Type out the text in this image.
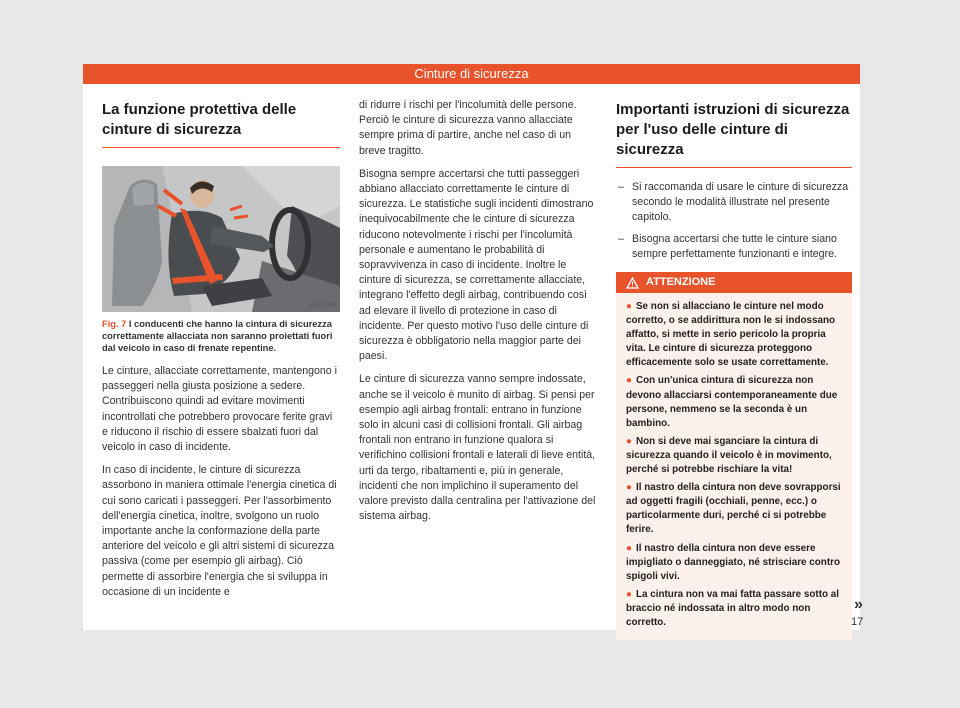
Cinture di sicurezza
La funzione protettiva delle cinture di sicurezza
B5F-0964

Fig. 7 I conducenti che hanno la cintura di sicurezza correttamente allacciata non saranno proiettati fuori dal veicolo in caso di frenate repentine.

Le cinture, allacciate correttamente, mantengono i passeggeri nella giusta posizione a sedere. Contribuiscono quindi ad evitare movimenti incontrollati che potrebbero provocare ferite gravi e riducono il rischio di essere sbalzati fuori dal veicolo in caso di incidente.

In caso di incidente, le cinture di sicurezza assorbono in maniera ottimale l'energia cinetica di cui sono caricati i passeggeri. Per l'assorbimento dell'energia cinetica, inoltre, svolgono un ruolo importante anche la conformazione della parte anteriore del veicolo e gli altri sistemi di sicurezza passiva (come per esempio gli airbag). Ciò permette di assorbire l'energia che si sviluppa in occasione di un incidente e

di ridurre i rischi per l'incolumità delle persone. Perciò le cinture di sicurezza vanno allacciate sempre prima di partire, anche nel caso di un breve tragitto.

Bisogna sempre accertarsi che tutti passeggeri abbiano allacciato correttamente le cinture di sicurezza. Le statistiche sugli incidenti dimostrano inequivocabilmente che le cinture di sicurezza riducono notevolmente i rischi per l'incolumità personale e aumentano le probabilità di sopravvivenza in caso di incidente. Inoltre le cinture di sicurezza, se correttamente allacciate, integrano l'effetto degli airbag, contribuendo così ad elevare il livello di protezione in caso di incidente. Per questo motivo l'uso delle cinture di sicurezza è obbligatorio nella maggior parte dei paesi.

Le cinture di sicurezza vanno sempre indossate, anche se il veicolo è munito di airbag. Si pensi per esempio agli airbag frontali: entrano in funzione solo in alcuni casi di collisioni frontali. Gli airbag frontali non entrano in funzione qualora si verifichino collisioni frontali e laterali di lieve entità, urti da tergo, ribaltamenti e, più in generale, incidenti che non implichino il superamento del valore previsto dalla centralina per l'attivazione del sistema airbag.

Importanti istruzioni di sicurezza per l'uso delle cinture di sicurezza
– Si raccomanda di usare le cinture di sicurezza secondo le modalità illustrate nel presente capitolo.
– Bisogna accertarsi che tutte le cinture siano sempre perfettamente funzionanti e integre.
ATTENZIONE
● Se non si allacciano le cinture nel modo corretto, o se addirittura non le si indossano affatto, si mette in serio pericolo la propria vita. Le cinture di sicurezza proteggono efficacemente solo se usate correttamente.
● Con un'unica cintura di sicurezza non devono allacciarsi contemporaneamente due persone, nemmeno se la seconda è un bambino.
● Non si deve mai sganciare la cintura di sicurezza quando il veicolo è in movimento, perché si potrebbe rischiare la vita!
● Il nastro della cintura non deve sovrapporsi ad oggetti fragili (occhiali, penne, ecc.) o particolarmente duri, perché ci si potrebbe ferire.
● Il nastro della cintura non deve essere impigliato o danneggiato, né strisciare contro spigoli vivi.
● La cintura non va mai fatta passare sotto al braccio né indossata in altro modo non corretto.
»
17
